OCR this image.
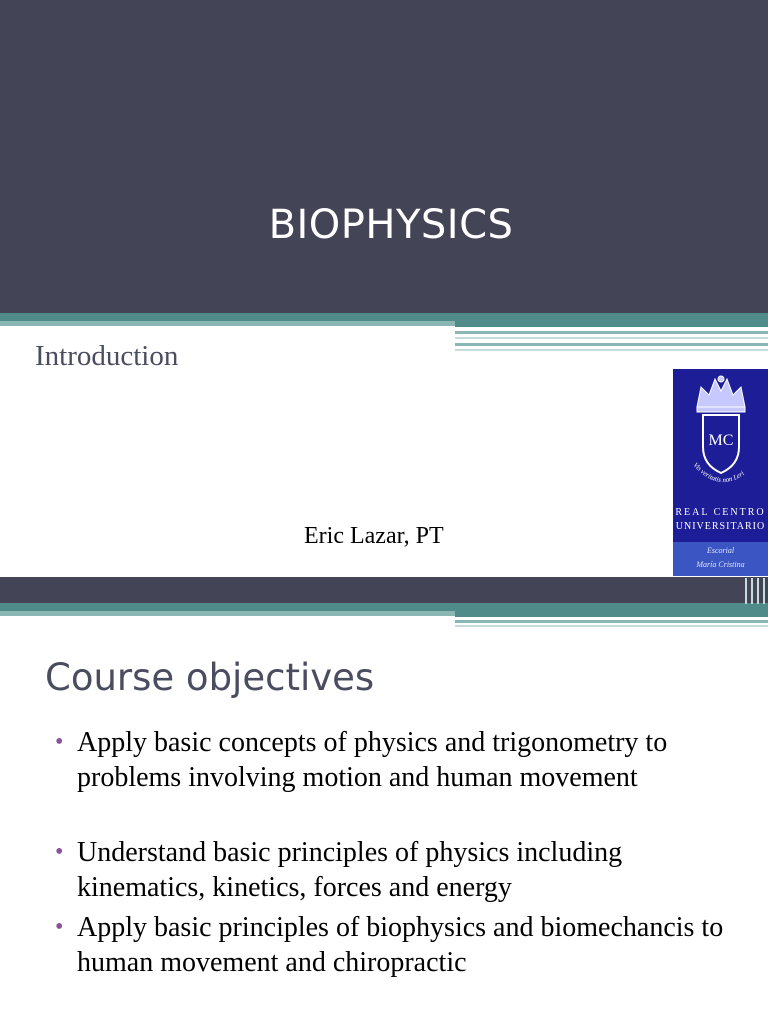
BIOPHYSICS
Introduction
Eric Lazar, PT
MC
Vis veritatis non Leri
REAL CENTRO
UNIVERSITARIO
Escorial
María Cristina
Course objectives
• Apply basic concepts of physics and trigonometry to problems involving motion and human movement
• Understand basic principles of physics including kinematics, kinetics, forces and energy
• Apply basic principles of biophysics and biomechancis to human movement and chiropractic
